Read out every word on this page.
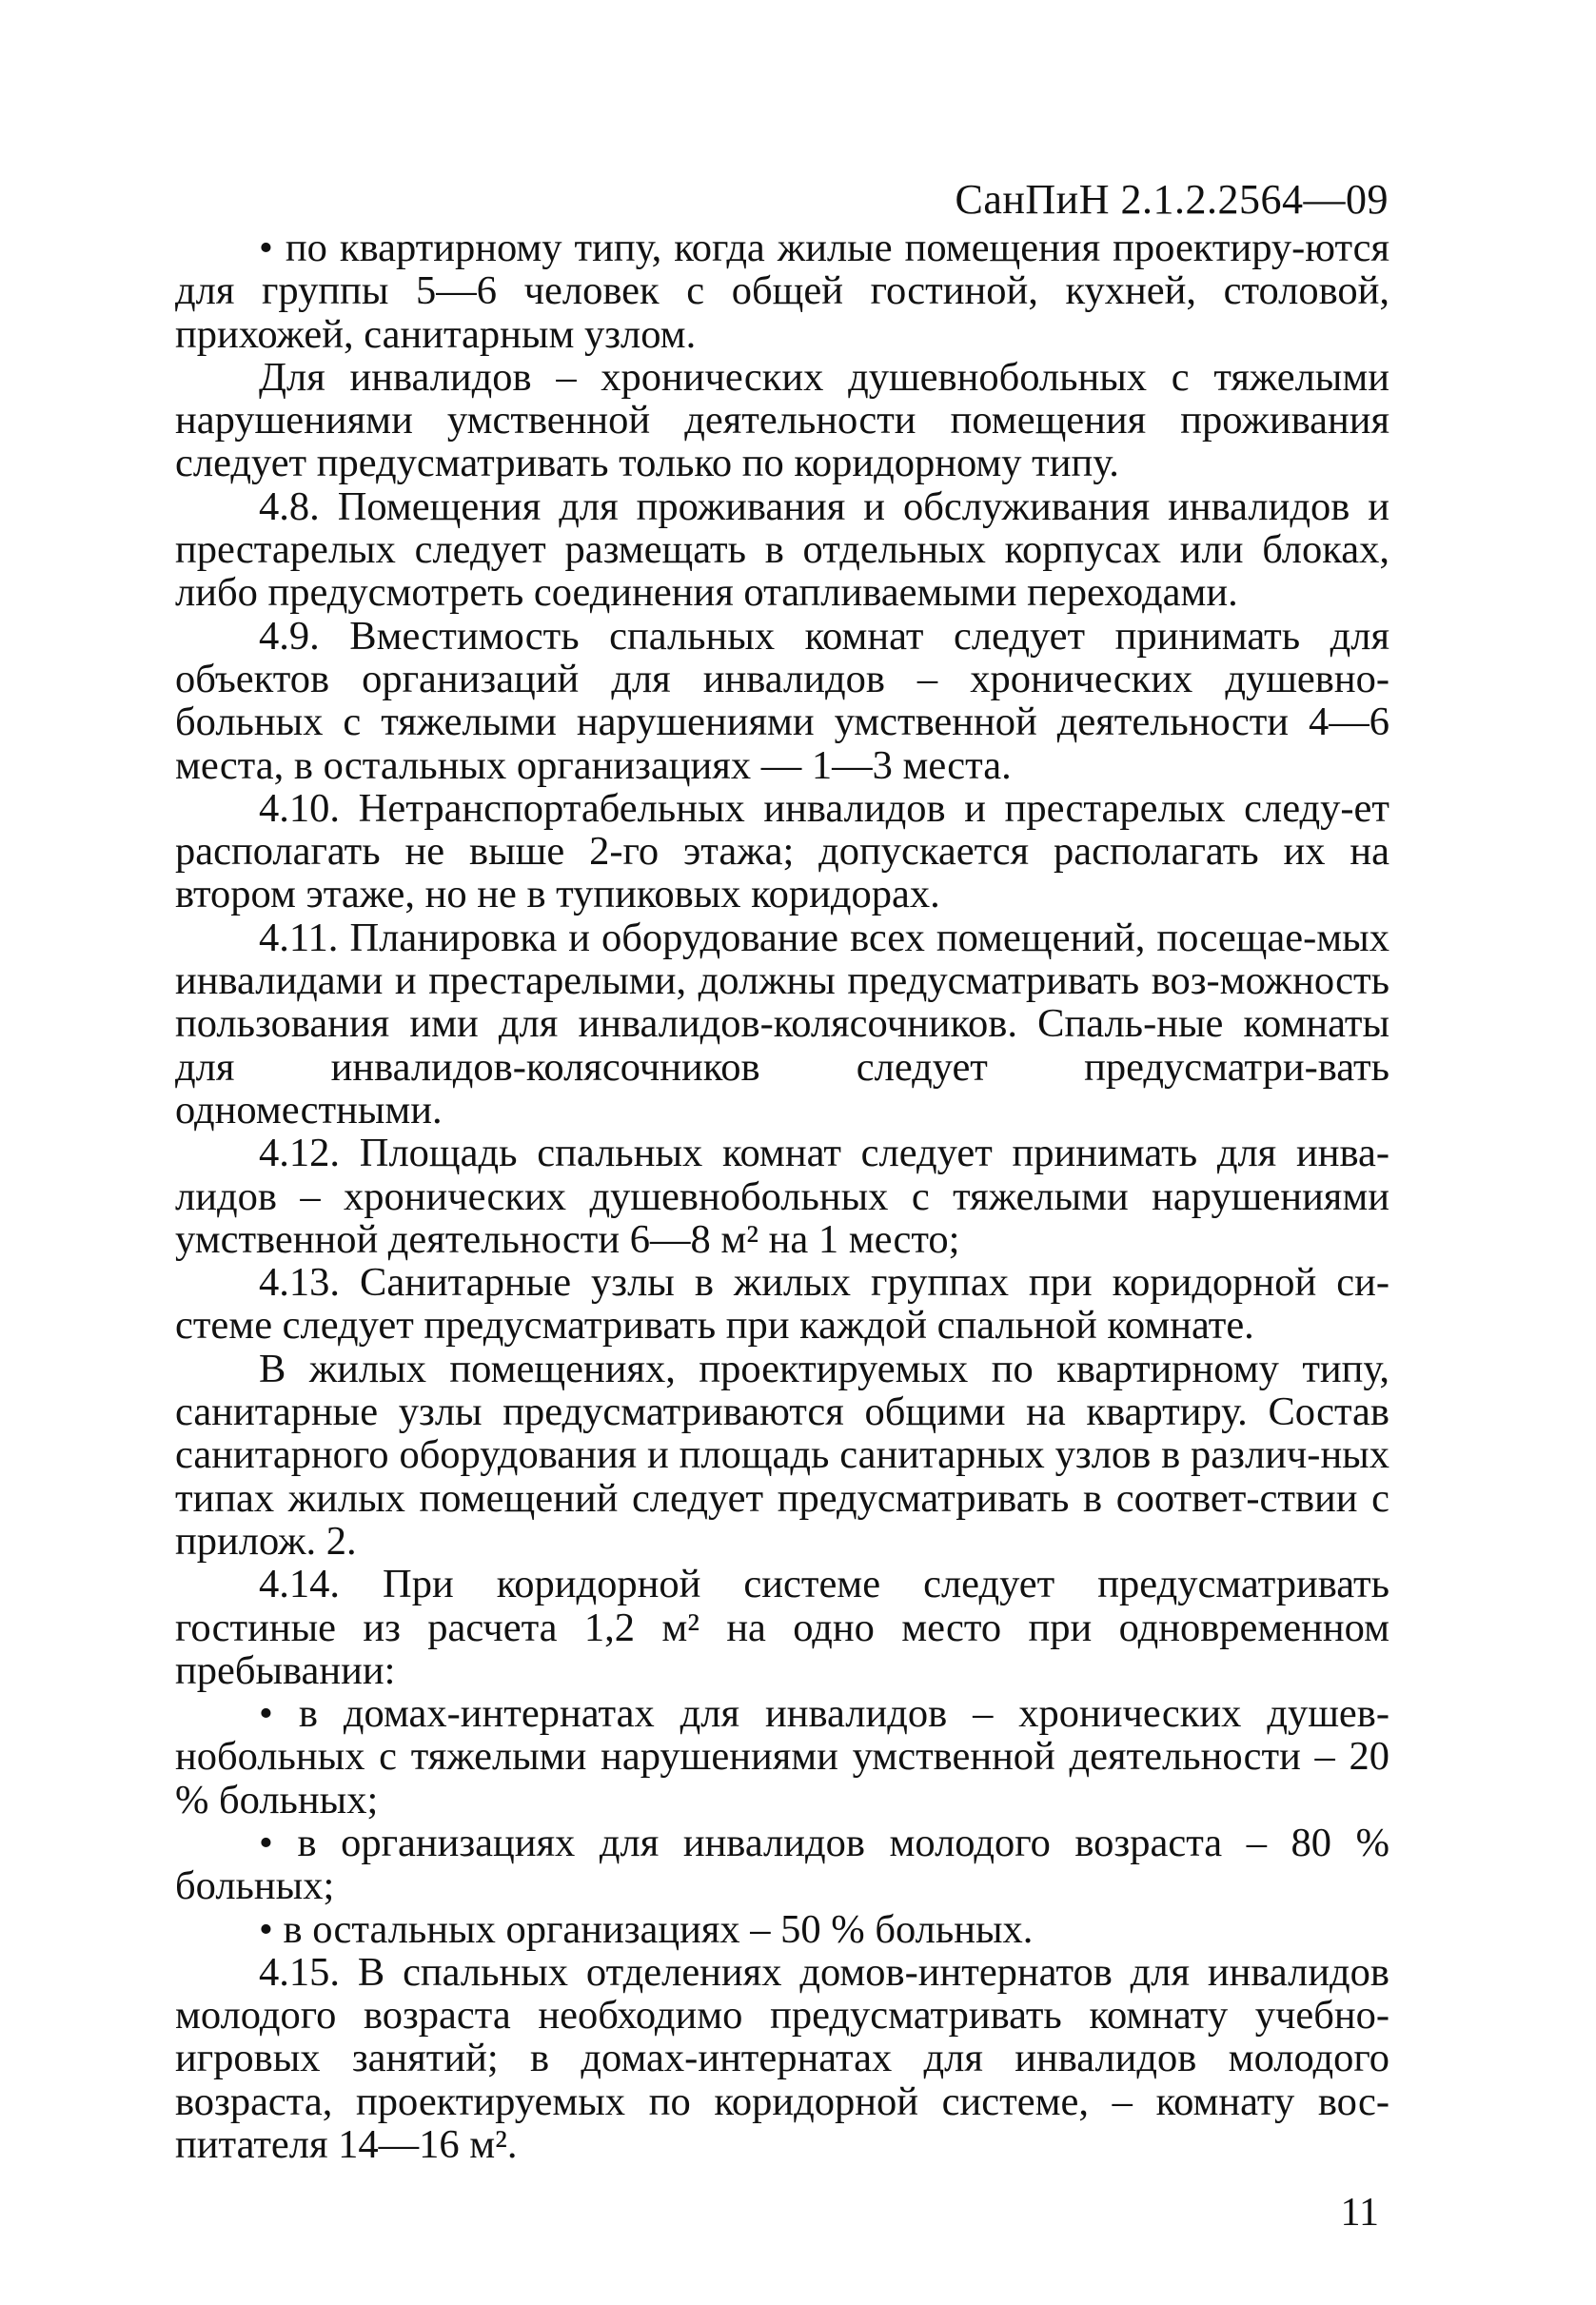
СанПиН 2.1.2.2564—09

• по квартирному типу, когда жилые помещения проектиру-ются для группы 5—6 человек с общей гостиной, кухней, столовой, прихожей, санитарным узлом.

Для инвалидов – хронических душевнобольных с тяжелыми нарушениями умственной деятельности помещения проживания следует предусматривать только по коридорному типу.

4.8. Помещения для проживания и обслуживания инвалидов и престарелых следует размещать в отдельных корпусах или блоках, либо предусмотреть соединения отапливаемыми переходами.

4.9. Вместимость спальных комнат следует принимать для объектов организаций для инвалидов – хронических душевно-больных с тяжелыми нарушениями умственной деятельности 4—6 места, в остальных организациях — 1—3 места.

4.10. Нетранспортабельных инвалидов и престарелых следу-ет располагать не выше 2-го этажа; допускается располагать их на втором этаже, но не в тупиковых коридорах.

4.11. Планировка и оборудование всех помещений, посещае-мых инвалидами и престарелыми, должны предусматривать воз-можность пользования ими для инвалидов-колясочников. Спаль-ные комнаты для инвалидов-колясочников следует предусматри-вать одноместными.

4.12. Площадь спальных комнат следует принимать для инва-лидов – хронических душевнобольных с тяжелыми нарушениями умственной деятельности 6—8 м² на 1 место;

4.13. Санитарные узлы в жилых группах при коридорной си-стеме следует предусматривать при каждой спальной комнате.

В жилых помещениях, проектируемых по квартирному типу, санитарные узлы предусматриваются общими на квартиру. Состав санитарного оборудования и площадь санитарных узлов в различ-ных типах жилых помещений следует предусматривать в соответ-ствии с прилож. 2.

4.14. При коридорной системе следует предусматривать гостиные из расчета 1,2 м² на одно место при одновременном пребывании:

• в домах-интернатах для инвалидов – хронических душев-нобольных с тяжелыми нарушениями умственной деятельности – 20 % больных;

• в организациях для инвалидов молодого возраста – 80 % больных;

• в остальных организациях – 50 % больных.

4.15. В спальных отделениях домов-интернатов для инвалидов молодого возраста необходимо предусматривать комнату учебно-игровых занятий; в домах-интернатах для инвалидов молодого возраста, проектируемых по коридорной системе, – комнату вос-питателя 14—16 м².

11
